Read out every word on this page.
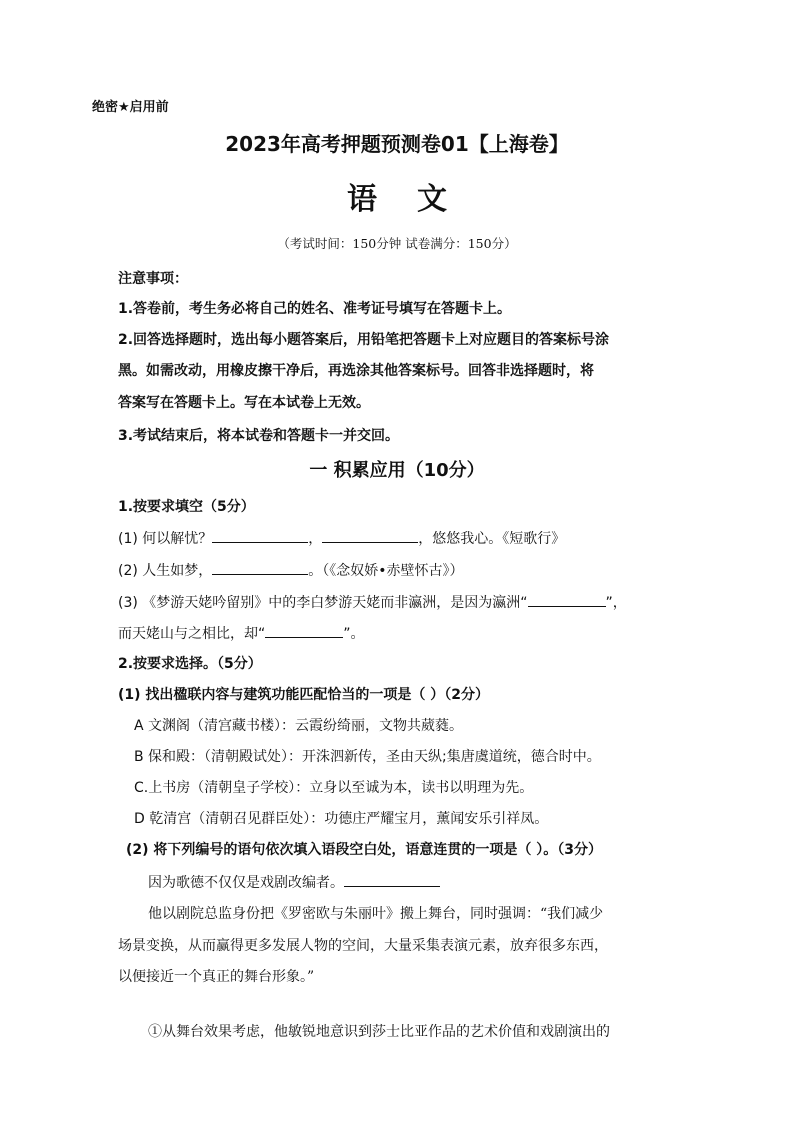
绝密★启用前
2023年高考押题预测卷01【上海卷】
语文
（考试时间：150分钟 试卷满分：150分）
注意事项：
1.答卷前，考生务必将自己的姓名、准考证号填写在答题卡上。
2.回答选择题时，选出每小题答案后，用铅笔把答题卡上对应题目的答案标号涂
黑。如需改动，用橡皮擦干净后，再选涂其他答案标号。回答非选择题时，将
答案写在答题卡上。写在本试卷上无效。
3.考试结束后，将本试卷和答题卡一并交回。
一 积累应用（10分）
1.按要求填空（5分）
(1) 何以解忧？	，	，悠悠我心。《短歌行》
(2) 人生如梦，	。（《念奴娇•赤壁怀古》）
(3) 《梦游天姥吟留别》中的李白梦游天姥而非瀛洲，是因为瀛洲“	”，
而天姥山与之相比，却“	”。
2.按要求选择。（5分）
(1) 找出楹联内容与建筑功能匹配恰当的一项是（ ）（2分）
A 文渊阁（清宫藏书楼）：云霞纷绮丽，文物共葳蕤。
B 保和殿：（清朝殿试处）：开洙泗新传，圣由天纵;集唐虞道统，德合时中。
C.上书房（清朝皇子学校）：立身以至诚为本，读书以明理为先。
D 乾清宫（清朝召见群臣处）：功德庄严耀宝月，薰闻安乐引祥凤。
(2) 将下列编号的语句依次填入语段空白处，语意连贯的一项是（ ）。（3分）
因为歌德不仅仅是戏剧改编者。
他以剧院总监身份把《罗密欧与朱丽叶》搬上舞台，同时强调：“我们减少
场景变换，从而赢得更多发展人物的空间，大量采集表演元素，放弃很多东西，
以便接近一个真正的舞台形象。”
①从舞台效果考虑，他敏锐地意识到莎士比亚作品的艺术价值和戏剧演出的
